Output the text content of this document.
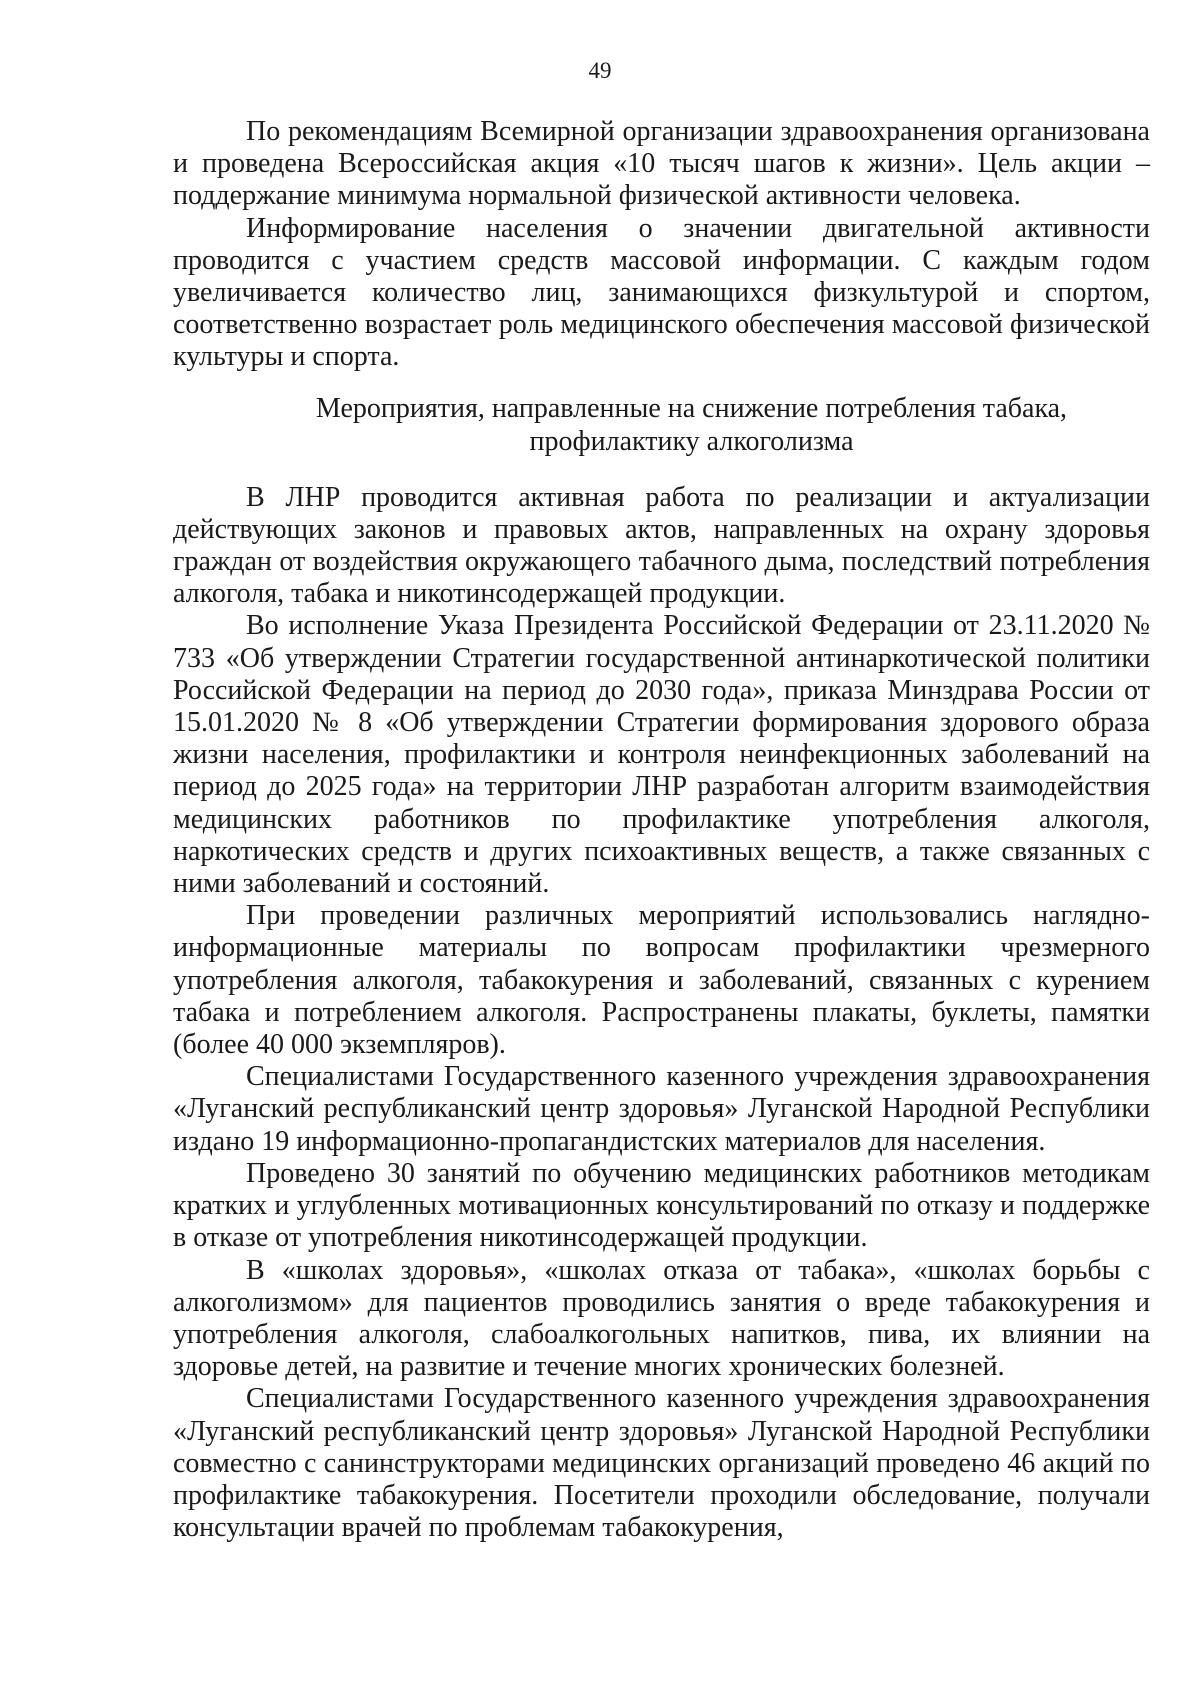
49

По рекомендациям Всемирной организации здравоохранения организована и проведена Всероссийская акция «10 тысяч шагов к жизни». Цель акции – поддержание минимума нормальной физической активности человека.

Информирование населения о значении двигательной активности проводится с участием средств массовой информации. С каждым годом увеличивается количество лиц, занимающихся физкультурой и спортом, соответственно возрастает роль медицинского обеспечения массовой физической культуры и спорта.

Мероприятия, направленные на снижение потребления табака,
профилактику алкоголизма

В ЛНР проводится активная работа по реализации и актуализации действующих законов и правовых актов, направленных на охрану здоровья граждан от воздействия окружающего табачного дыма, последствий потребления алкоголя, табака и никотинсодержащей продукции.

Во исполнение Указа Президента Российской Федерации от 23.11.2020 № 733 «Об утверждении Стратегии государственной антинаркотической политики Российской Федерации на период до 2030 года», приказа Минздрава России от 15.01.2020 № 8 «Об утверждении Стратегии формирования здорового образа жизни населения, профилактики и контроля неинфекционных заболеваний на период до 2025 года» на территории ЛНР разработан алгоритм взаимодействия медицинских работников по профилактике употребления алкоголя, наркотических средств и других психоактивных веществ, а также связанных с ними заболеваний и состояний.

При проведении различных мероприятий использовались наглядно-информационные материалы по вопросам профилактики чрезмерного употребления алкоголя, табакокурения и заболеваний, связанных с курением табака и потреблением алкоголя. Распространены плакаты, буклеты, памятки (более 40 000 экземпляров).

Специалистами Государственного казенного учреждения здравоохранения «Луганский республиканский центр здоровья» Луганской Народной Республики издано 19 информационно-пропагандистских материалов для населения.

Проведено 30 занятий по обучению медицинских работников методикам кратких и углубленных мотивационных консультирований по отказу и поддержке в отказе от употребления никотинсодержащей продукции.

В «школах здоровья», «школах отказа от табака», «школах борьбы с алкоголизмом» для пациентов проводились занятия о вреде табакокурения и употребления алкоголя, слабоалкогольных напитков, пива, их влиянии на здоровье детей, на развитие и течение многих хронических болезней.

Специалистами Государственного казенного учреждения здравоохранения «Луганский республиканский центр здоровья» Луганской Народной Республики совместно с санинструкторами медицинских организаций проведено 46 акций по профилактике табакокурения. Посетители проходили обследование, получали консультации врачей по проблемам табакокурения,
